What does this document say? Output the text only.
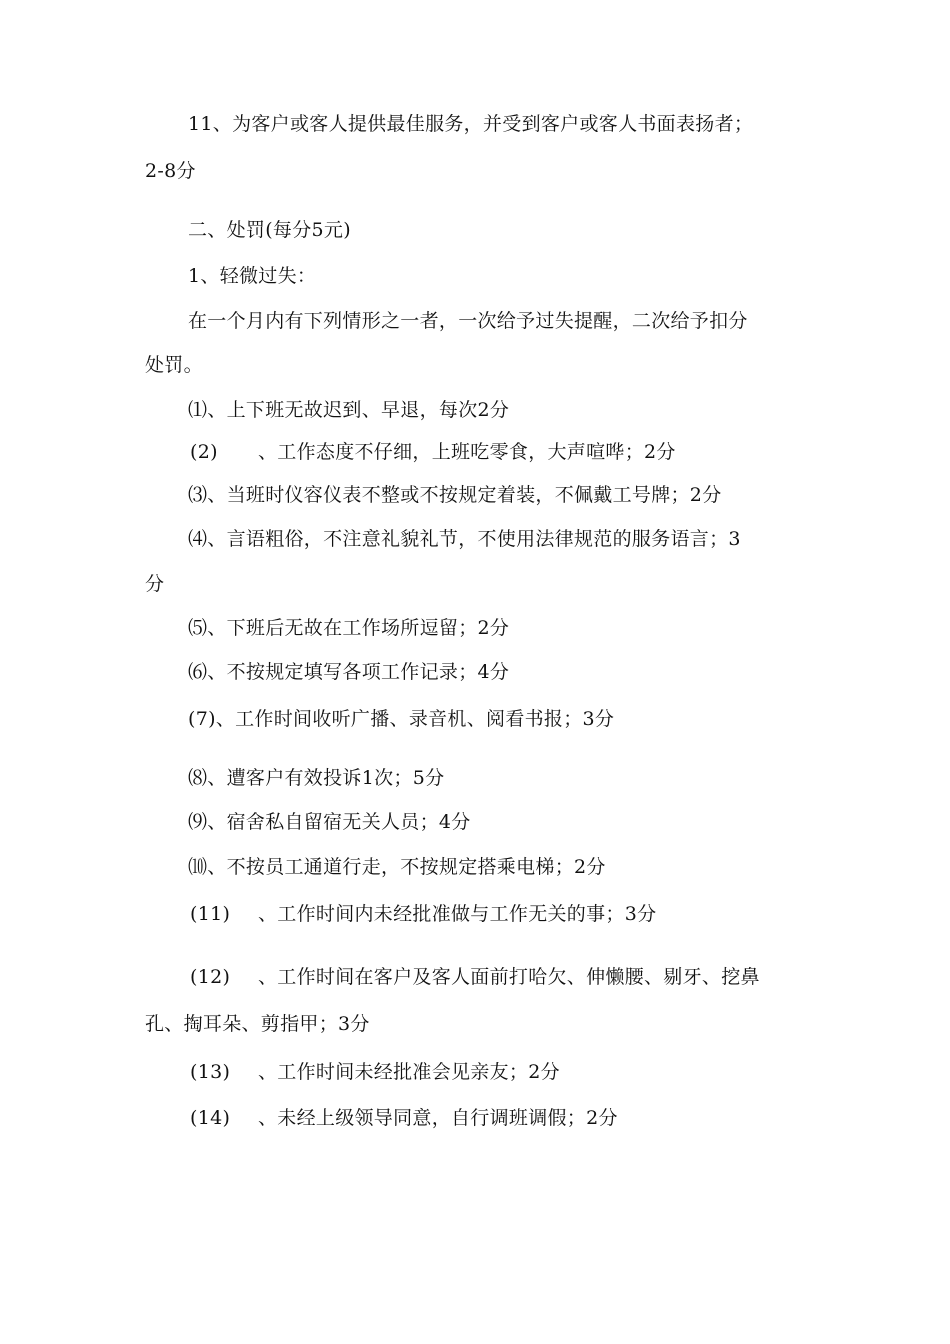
11、为客户或客人提供最佳服务，并受到客户或客人书面表扬者；
2-8分
二、处罚(每分5元)
1、轻微过失：
在一个月内有下列情形之一者，一次给予过失提醒，二次给予扣分
处罚。
⑴、上下班无故迟到、早退，每次2分
(2) 、工作态度不仔细，上班吃零食，大声喧哗；2分
⑶、当班时仪容仪表不整或不按规定着装，不佩戴工号牌；2分
⑷、言语粗俗，不注意礼貌礼节，不使用法律规范的服务语言；3
分
⑸、下班后无故在工作场所逗留；2分
⑹、不按规定填写各项工作记录；4分
(7)、工作时间收听广播、录音机、阅看书报；3分
⑻、遭客户有效投诉1次；5分
⑼、宿舍私自留宿无关人员；4分
⑽、不按员工通道行走，不按规定搭乘电梯；2分
(11) 、工作时间内未经批准做与工作无关的事；3分
(12) 、工作时间在客户及客人面前打哈欠、伸懒腰、剔牙、挖鼻
孔、掏耳朵、剪指甲；3分
(13) 、工作时间未经批准会见亲友；2分
(14) 、未经上级领导同意，自行调班调假；2分
